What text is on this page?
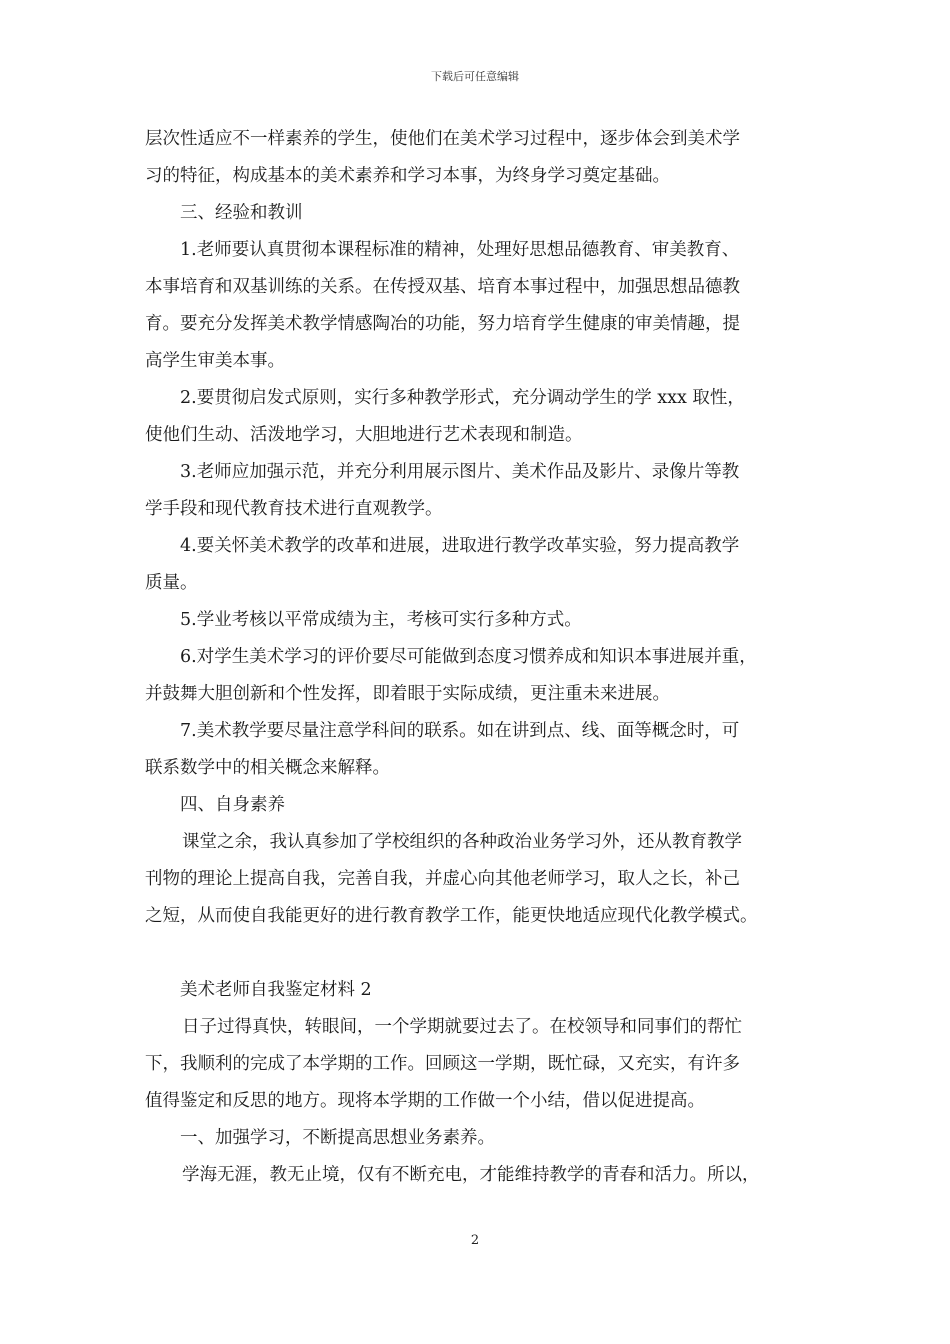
下载后可任意编辑
层次性适应不一样素养的学生，使他们在美术学习过程中，逐步体会到美术学
习的特征，构成基本的美术素养和学习本事，为终身学习奠定基础。
三、经验和教训
1.老师要认真贯彻本课程标准的精神，处理好思想品德教育、审美教育、
本事培育和双基训练的关系。在传授双基、培育本事过程中，加强思想品德教
育。要充分发挥美术教学情感陶冶的功能，努力培育学生健康的审美情趣，提
高学生审美本事。
2.要贯彻启发式原则，实行多种教学形式，充分调动学生的学 xxx 取性，
使他们生动、活泼地学习，大胆地进行艺术表现和制造。
3.老师应加强示范，并充分利用展示图片、美术作品及影片、录像片等教
学手段和现代教育技术进行直观教学。
4.要关怀美术教学的改革和进展，进取进行教学改革实验，努力提高教学
质量。
5.学业考核以平常成绩为主，考核可实行多种方式。
6.对学生美术学习的评价要尽可能做到态度习惯养成和知识本事进展并重，
并鼓舞大胆创新和个性发挥，即着眼于实际成绩，更注重未来进展。
7.美术教学要尽量注意学科间的联系。如在讲到点、线、面等概念时，可
联系数学中的相关概念来解释。
四、自身素养
课堂之余，我认真参加了学校组织的各种政治业务学习外，还从教育教学
刊物的理论上提高自我，完善自我，并虚心向其他老师学习，取人之长，补己
之短，从而使自我能更好的进行教育教学工作，能更快地适应现代化教学模式。
美术老师自我鉴定材料 2
日子过得真快，转眼间，一个学期就要过去了。在校领导和同事们的帮忙
下，我顺利的完成了本学期的工作。回顾这一学期，既忙碌，又充实，有许多
值得鉴定和反思的地方。现将本学期的工作做一个小结，借以促进提高。
一、加强学习，不断提高思想业务素养。
学海无涯，教无止境，仅有不断充电，才能维持教学的青春和活力。所以，
2
